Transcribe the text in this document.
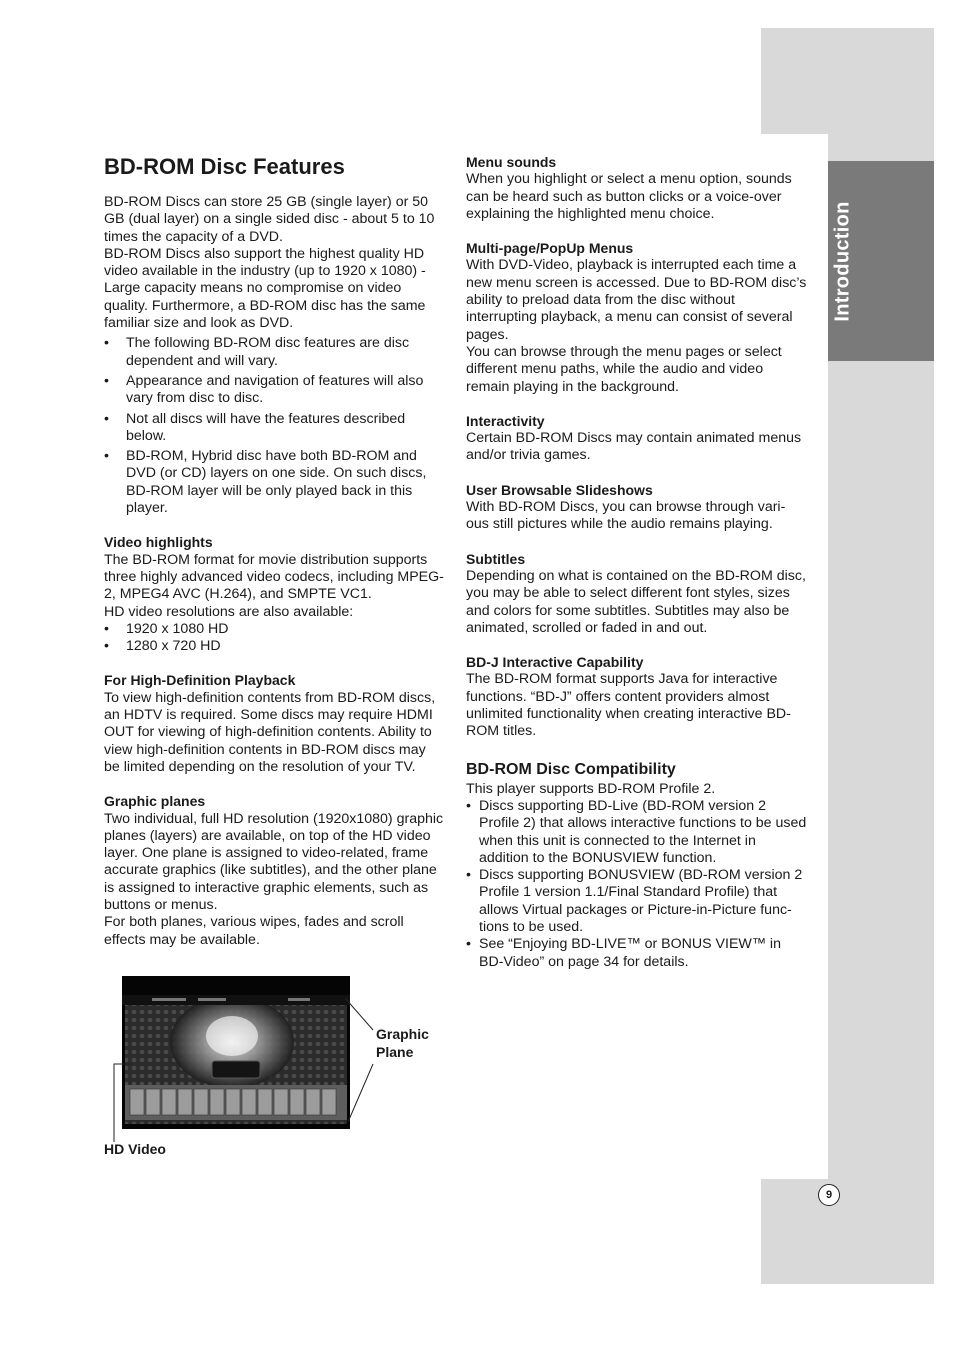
Introduction
9
BD-ROM Disc Features

BD-ROM Discs can store 25 GB (single layer) or 50 GB (dual layer) on a single sided disc - about 5 to 10 times the capacity of a DVD.

BD-ROM Discs also support the highest quality HD video available in the industry (up to 1920 x 1080) - Large capacity means no compromise on video quality. Furthermore, a BD-ROM disc has the same familiar size and look as DVD.

• The following BD-ROM disc features are disc dependent and will vary.
• Appearance and navigation of features will also vary from disc to disc.
• Not all discs will have the features described below.
• BD-ROM, Hybrid disc have both BD-ROM and DVD (or CD) layers on one side. On such discs, BD-ROM layer will be only played back in this player.
Video highlights

The BD-ROM format for movie distribution supports three highly advanced video codecs, including MPEG-2, MPEG4 AVC (H.264), and SMPTE VC1.

HD video resolutions are also available:

• 1920 x 1080 HD
• 1280 x 720 HD
For High-Definition Playback

To view high-definition contents from BD-ROM discs, an HDTV is required. Some discs may require HDMI OUT for viewing of high-definition contents. Ability to view high-definition contents in BD-ROM discs may be limited depending on the resolution of your TV.

Graphic planes

Two individual, full HD resolution (1920x1080) graphic planes (layers) are available, on top of the HD video layer. One plane is assigned to video-related, frame accurate graphics (like subtitles), and the other plane is assigned to interactive graphic elements, such as buttons or menus.

For both planes, various wipes, fades and scroll effects may be available.

Graphic
Plane
HD Video
Menu sounds

When you highlight or select a menu option, sounds can be heard such as button clicks or a voice-over explaining the highlighted menu choice.

Multi-page/PopUp Menus

With DVD-Video, playback is interrupted each time a new menu screen is accessed. Due to BD-ROM disc’s ability to preload data from the disc without interrupting playback, a menu can consist of several pages.

You can browse through the menu pages or select different menu paths, while the audio and video remain playing in the background.

Interactivity

Certain BD-ROM Discs may contain animated menus and/or trivia games.

User Browsable Slideshows

With BD-ROM Discs, you can browse through vari-ous still pictures while the audio remains playing.

Subtitles

Depending on what is contained on the BD-ROM disc, you may be able to select different font styles, sizes and colors for some subtitles. Subtitles may also be animated, scrolled or faded in and out.

BD-J Interactive Capability

The BD-ROM format supports Java for interactive functions. “BD-J” offers content providers almost unlimited functionality when creating interactive BD-ROM titles.

BD-ROM Disc Compatibility

This player supports BD-ROM Profile 2.

• Discs supporting BD-Live (BD-ROM version 2 Profile 2) that allows interactive functions to be used when this unit is connected to the Internet in addition to the BONUSVIEW function.
• Discs supporting BONUSVIEW (BD-ROM version 2 Profile 1 version 1.1/Final Standard Profile) that allows Virtual packages or Picture-in-Picture func-tions to be used.
• See “Enjoying BD-LIVE™ or BONUS VIEW™ in BD-Video” on page 34 for details.
